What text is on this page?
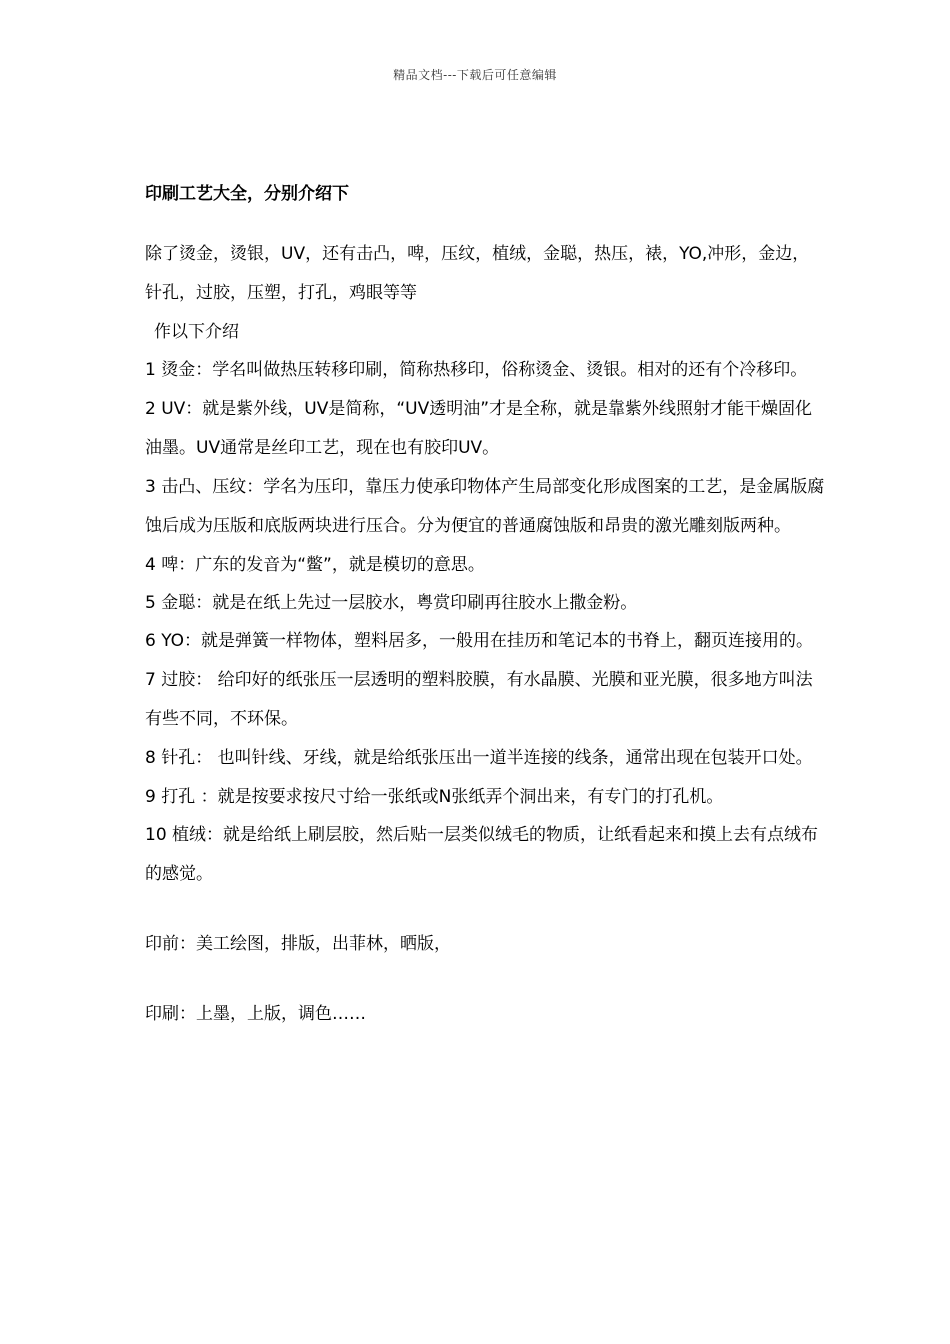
精品文档---下载后可任意编辑
印刷工艺大全，分别介绍下

除了烫金，烫银，UV，还有击凸，啤，压纹，植绒，金聪，热压，裱，YO,冲形，金边，针孔，过胶，压塑，打孔，鸡眼等等

作以下介绍

1 烫金：学名叫做热压转移印刷，简称热移印，俗称烫金、烫银。相对的还有个冷移印。

2 UV：就是紫外线，UV是简称，“UV透明油”才是全称，就是靠紫外线照射才能干燥固化油墨。UV通常是丝印工艺，现在也有胶印UV。

3 击凸、压纹：学名为压印，靠压力使承印物体产生局部变化形成图案的工艺，是金属版腐蚀后成为压版和底版两块进行压合。分为便宜的普通腐蚀版和昂贵的激光雕刻版两种。

4 啤：广东的发音为“鳖”，就是模切的意思。

5 金聪：就是在纸上先过一层胶水，粤赏印刷再往胶水上撒金粉。

6 YO：就是弹簧一样物体，塑料居多，一般用在挂历和笔记本的书脊上，翻页连接用的。

7 过胶： 给印好的纸张压一层透明的塑料胶膜，有水晶膜、光膜和亚光膜，很多地方叫法有些不同，不环保。

8 针孔： 也叫针线、牙线，就是给纸张压出一道半连接的线条，通常出现在包装开口处。

9 打孔 ：就是按要求按尺寸给一张纸或N张纸弄个洞出来，有专门的打孔机。

10 植绒：就是给纸上刷层胶，然后贴一层类似绒毛的物质，让纸看起来和摸上去有点绒布的感觉。

印前：美工绘图，排版，出菲林，晒版，

印刷：上墨，上版，调色……
